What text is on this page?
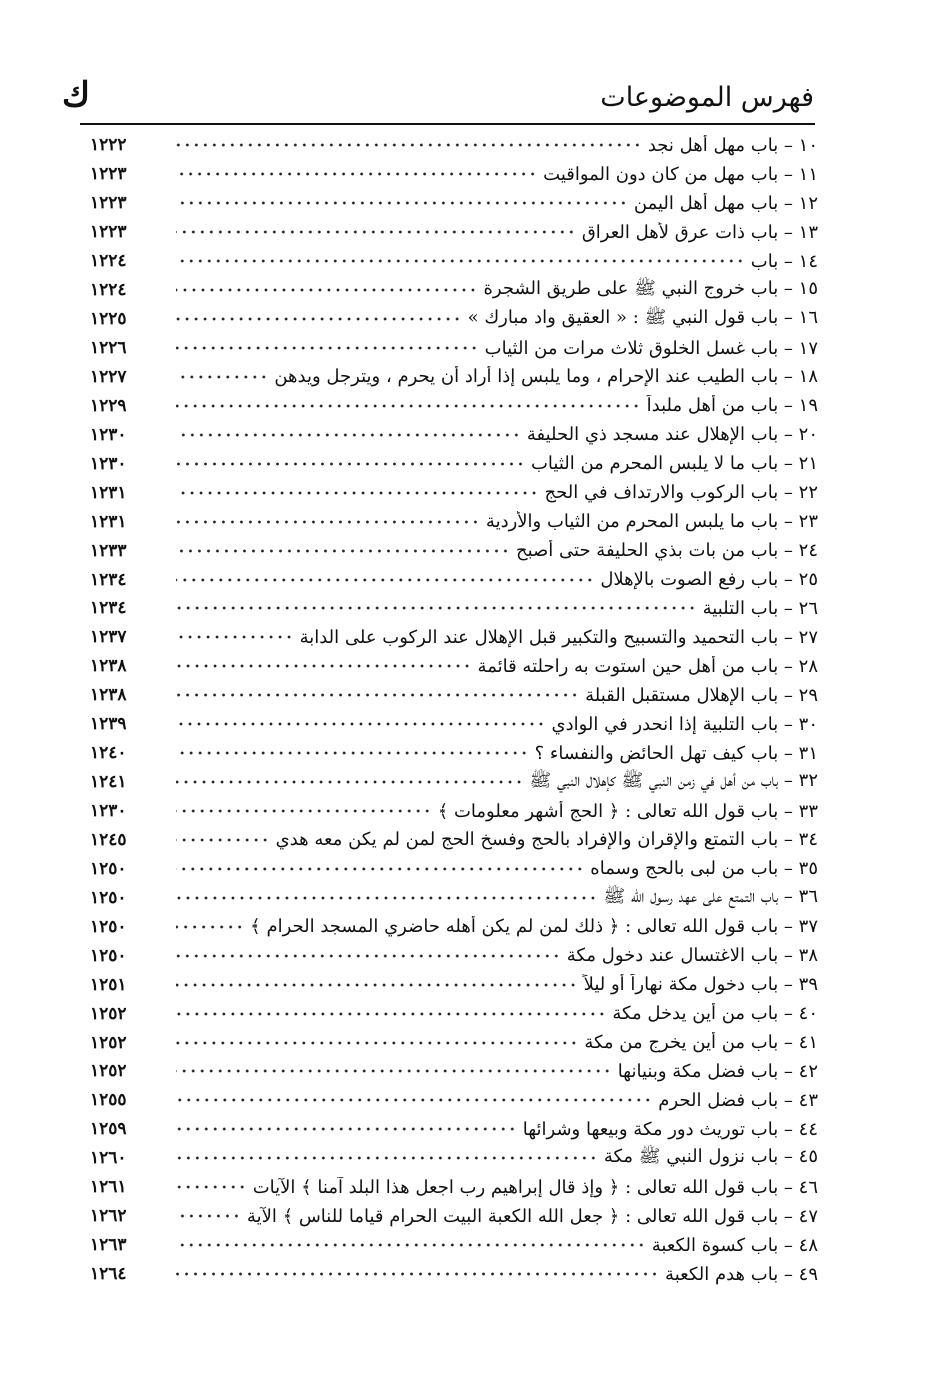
ك	فهرس الموضوعات
١٢٢٢	١٠ – باب مهل أهل نجد
١٢٢٣	١١ – باب مهل من كان دون المواقيت
١٢٢٣	١٢ – باب مهل أهل اليمن
١٢٢٣	١٣ – باب ذات عرق لأهل العراق
١٢٢٤	١٤ – باب
١٢٢٤	١٥ – باب خروج النبي ﷺ على طريق الشجرة
١٢٢٥	١٦ – باب قول النبي ﷺ : « العقيق واد مبارك »
١٢٢٦	١٧ – باب غسل الخلوق ثلاث مرات من الثياب
١٢٢٧	١٨ – باب الطيب عند الإحرام ، وما يلبس إذا أراد أن يحرم ، ويترجل ويدهن
١٢٢٩	١٩ – باب من أهل ملبداً
١٢٣٠	٢٠ – باب الإهلال عند مسجد ذي الحليفة
١٢٣٠	٢١ – باب ما لا يلبس المحرم من الثياب
١٢٣١	٢٢ – باب الركوب والارتداف في الحج
١٢٣١	٢٣ – باب ما يلبس المحرم من الثياب والأردية
١٢٣٣	٢٤ – باب من بات بذي الحليفة حتى أصبح
١٢٣٤	٢٥ – باب رفع الصوت بالإهلال
١٢٣٤	٢٦ – باب التلبية
١٢٣٧	٢٧ – باب التحميد والتسبيح والتكبير قبل الإهلال عند الركوب على الدابة
١٢٣٨	٢٨ – باب من أهل حين استوت به راحلته قائمة
١٢٣٨	٢٩ – باب الإهلال مستقبل القبلة
١٢٣٩	٣٠ – باب التلبية إذا انحدر في الوادي
١٢٤٠	٣١ – باب كيف تهل الحائض والنفساء ؟
١٢٤١	٣٢ – باب من أهل في زمن النبي ﷺ كإهلال النبي ﷺ
١٢٣٠	٣٣ – باب قول الله تعالى : ﴿ الحج أشهر معلومات ﴾
١٢٤٥	٣٤ – باب التمتع والإقران والإفراد بالحج وفسخ الحج لمن لم يكن معه هدي
١٢٥٠	٣٥ – باب من لبى بالحج وسماه
١٢٥٠	٣٦ – باب التمتع على عهد رسول الله ﷺ
١٢٥٠	٣٧ – باب قول الله تعالى : ﴿ ذلك لمن لم يكن أهله حاضري المسجد الحرام ﴾
١٢٥٠	٣٨ – باب الاغتسال عند دخول مكة
١٢٥١	٣٩ – باب دخول مكة نهاراً أو ليلاً
١٢٥٢	٤٠ – باب من أين يدخل مكة
١٢٥٢	٤١ – باب من أين يخرج من مكة
١٢٥٢	٤٢ – باب فضل مكة وبنيانها
١٢٥٥	٤٣ – باب فضل الحرم
١٢٥٩	٤٤ – باب توريث دور مكة وبيعها وشرائها
١٢٦٠	٤٥ – باب نزول النبي ﷺ مكة
١٢٦١	٤٦ – باب قول الله تعالى : ﴿ وإذ قال إبراهيم رب اجعل هذا البلد آمنا ﴾ الآيات
١٢٦٢	٤٧ – باب قول الله تعالى : ﴿ جعل الله الكعبة البيت الحرام قياما للناس ﴾ الآية
١٢٦٣	٤٨ – باب كسوة الكعبة
١٢٦٤	٤٩ – باب هدم الكعبة
